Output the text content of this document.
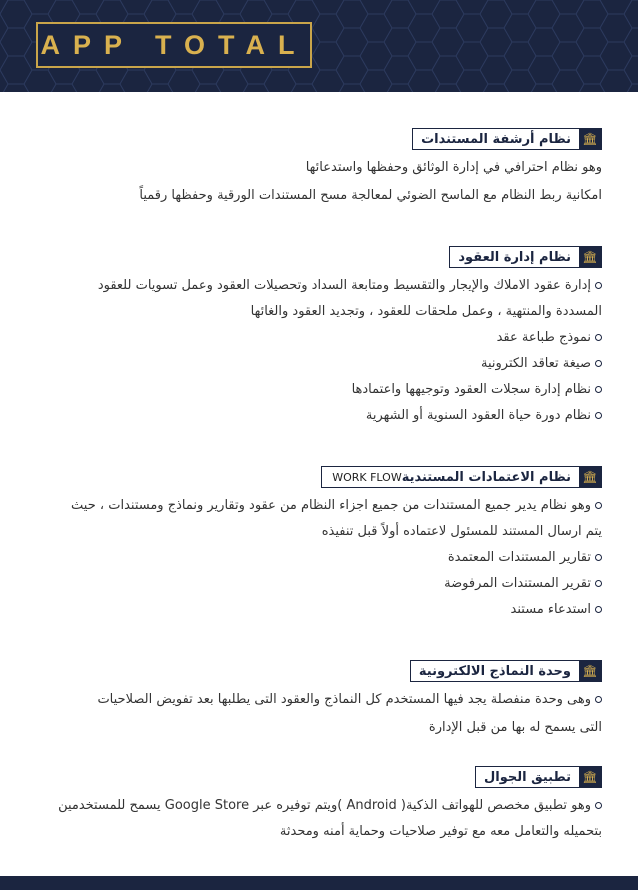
APP TOTAL
🏛
نظام أرشفة المستندات
وهو نظام احترافي في إدارة الوثائق وحفظها واستدعائها
امكانية ربط النظام مع الماسح الضوئي لمعالجة مسح المستندات الورقية وحفظها رقمياً
🏛
نظام إدارة العقود
إدارة عقود الاملاك والإيجار والتقسيط ومتابعة السداد وتحصيلات العقود وعمل تسويات للعقود
المسددة والمنتهية ، وعمل ملحقات للعقود ، وتجديد العقود والغائها
نموذج طباعة عقد
صيغة تعاقد الكترونية
نظام إدارة سجلات العقود وتوجيهها واعتمادها
نظام دورة حياة العقود السنوية أو الشهرية
🏛
نظام الاعتمادات المستندية
WORK FLOW
وهو نظام يدير جميع المستندات من جميع اجزاء النظام من عقود وتقارير ونماذج ومستندات ، حيث
يتم ارسال المستند للمسئول لاعتماده أولاً قبل تنفيذه
تقارير المستندات المعتمدة
تقرير المستندات المرفوضة
استدعاء مستند
🏛
وحدة النماذج الالكترونية
وهى وحدة منفصلة يجد فيها المستخدم كل النماذج والعقود التى يطلبها بعد تفويض الصلاحيات
التى يسمح له بها من قبل الإدارة
🏛
تطبيق الجوال
وهو تطبيق مخصص للهواتف الذكية( Android )ويتم توفيره عبر Google Store يسمح للمستخدمين
بتحميله والتعامل معه مع توفير صلاحيات وحماية أمنه ومحدثة
